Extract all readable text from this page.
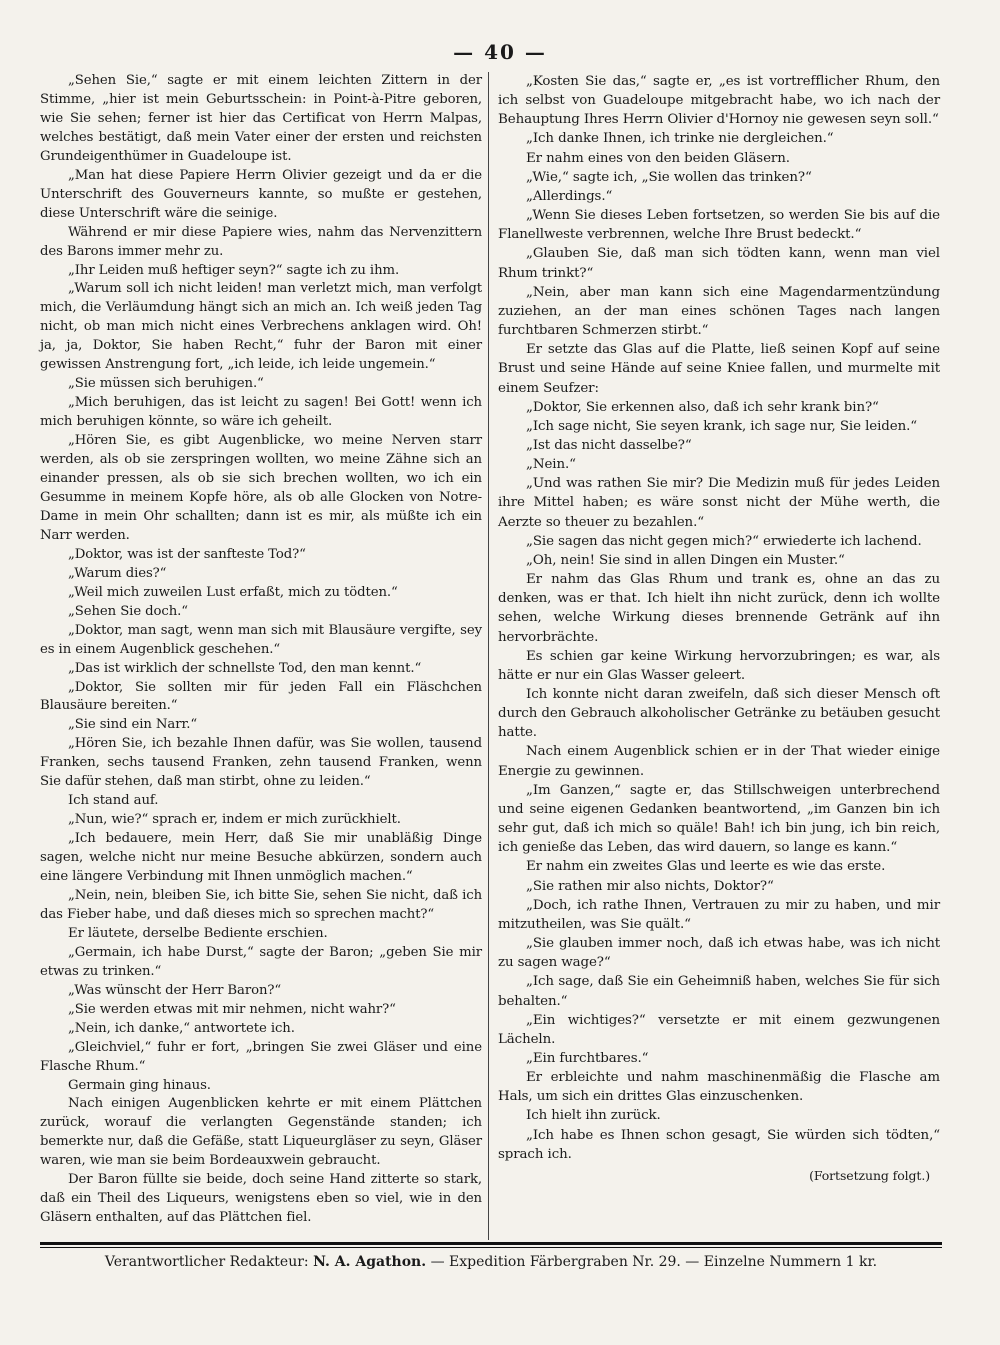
— 40 —

„Sehen Sie,“ sagte er mit einem leichten Zittern in der Stimme, „hier ist mein Geburtsschein: in Point-à-Pitre geboren, wie Sie sehen; ferner ist hier das Certificat von Herrn Malpas, welches bestätigt, daß mein Vater einer der ersten und reichsten Grundeigenthümer in Guadeloupe ist.

„Man hat diese Papiere Herrn Olivier gezeigt und da er die Unterschrift des Gouverneurs kannte, so mußte er gestehen, diese Unterschrift wäre die seinige.

Während er mir diese Papiere wies, nahm das Nervenzittern des Barons immer mehr zu.

„Ihr Leiden muß heftiger seyn?“ sagte ich zu ihm.

„Warum soll ich nicht leiden! man verletzt mich, man verfolgt mich, die Verläumdung hängt sich an mich an. Ich weiß jeden Tag nicht, ob man mich nicht eines Verbrechens anklagen wird. Oh! ja, ja, Doktor, Sie haben Recht,“ fuhr der Baron mit einer gewissen Anstrengung fort, „ich leide, ich leide ungemein.“

„Sie müssen sich beruhigen.“

„Mich beruhigen, das ist leicht zu sagen! Bei Gott! wenn ich mich beruhigen könnte, so wäre ich geheilt.

„Hören Sie, es gibt Augenblicke, wo meine Nerven starr werden, als ob sie zerspringen wollten, wo meine Zähne sich an einander pressen, als ob sie sich brechen wollten, wo ich ein Gesumme in meinem Kopfe höre, als ob alle Glocken von Notre-Dame in mein Ohr schallten; dann ist es mir, als müßte ich ein Narr werden.

„Doktor, was ist der sanfteste Tod?“

„Warum dies?“

„Weil mich zuweilen Lust erfaßt, mich zu tödten.“

„Sehen Sie doch.“

„Doktor, man sagt, wenn man sich mit Blausäure vergifte, sey es in einem Augenblick geschehen.“

„Das ist wirklich der schnellste Tod, den man kennt.“

„Doktor, Sie sollten mir für jeden Fall ein Fläschchen Blausäure bereiten.“

„Sie sind ein Narr.“

„Hören Sie, ich bezahle Ihnen dafür, was Sie wollen, tausend Franken, sechs tausend Franken, zehn tausend Franken, wenn Sie dafür stehen, daß man stirbt, ohne zu leiden.“

Ich stand auf.

„Nun, wie?“ sprach er, indem er mich zurückhielt.

„Ich bedauere, mein Herr, daß Sie mir unabläßig Dinge sagen, welche nicht nur meine Besuche abkürzen, sondern auch eine längere Verbindung mit Ihnen unmöglich machen.“

„Nein, nein, bleiben Sie, ich bitte Sie, sehen Sie nicht, daß ich das Fieber habe, und daß dieses mich so sprechen macht?“

Er läutete, derselbe Bediente erschien.

„Germain, ich habe Durst,“ sagte der Baron; „geben Sie mir etwas zu trinken.“

„Was wünscht der Herr Baron?“

„Sie werden etwas mit mir nehmen, nicht wahr?“

„Nein, ich danke,“ antwortete ich.

„Gleichviel,“ fuhr er fort, „bringen Sie zwei Gläser und eine Flasche Rhum.“

Germain ging hinaus.

Nach einigen Augenblicken kehrte er mit einem Plättchen zurück, worauf die verlangten Gegenstände standen; ich bemerkte nur, daß die Gefäße, statt Liqueurgläser zu seyn, Gläser waren, wie man sie beim Bordeauxwein gebraucht.

Der Baron füllte sie beide, doch seine Hand zitterte so stark, daß ein Theil des Liqueurs, wenigstens eben so viel, wie in den Gläsern enthalten, auf das Plättchen fiel.

„Kosten Sie das,“ sagte er, „es ist vortrefflicher Rhum, den ich selbst von Guadeloupe mitgebracht habe, wo ich nach der Behauptung Ihres Herrn Olivier d'Hornoy nie gewesen seyn soll.“

„Ich danke Ihnen, ich trinke nie dergleichen.“

Er nahm eines von den beiden Gläsern.

„Wie,“ sagte ich, „Sie wollen das trinken?“

„Allerdings.“

„Wenn Sie dieses Leben fortsetzen, so werden Sie bis auf die Flanellweste verbrennen, welche Ihre Brust bedeckt.“

„Glauben Sie, daß man sich tödten kann, wenn man viel Rhum trinkt?“

„Nein, aber man kann sich eine Magendarmentzündung zuziehen, an der man eines schönen Tages nach langen furchtbaren Schmerzen stirbt.“

Er setzte das Glas auf die Platte, ließ seinen Kopf auf seine Brust und seine Hände auf seine Kniee fallen, und murmelte mit einem Seufzer:

„Doktor, Sie erkennen also, daß ich sehr krank bin?“

„Ich sage nicht, Sie seyen krank, ich sage nur, Sie leiden.“

„Ist das nicht dasselbe?“

„Nein.“

„Und was rathen Sie mir? Die Medizin muß für jedes Leiden ihre Mittel haben; es wäre sonst nicht der Mühe werth, die Aerzte so theuer zu bezahlen.“

„Sie sagen das nicht gegen mich?“ erwiederte ich lachend.

„Oh, nein! Sie sind in allen Dingen ein Muster.“

Er nahm das Glas Rhum und trank es, ohne an das zu denken, was er that. Ich hielt ihn nicht zurück, denn ich wollte sehen, welche Wirkung dieses brennende Getränk auf ihn hervorbrächte.

Es schien gar keine Wirkung hervorzubringen; es war, als hätte er nur ein Glas Wasser geleert.

Ich konnte nicht daran zweifeln, daß sich dieser Mensch oft durch den Gebrauch alkoholischer Getränke zu betäuben gesucht hatte.

Nach einem Augenblick schien er in der That wieder einige Energie zu gewinnen.

„Im Ganzen,“ sagte er, das Stillschweigen unterbrechend und seine eigenen Gedanken beantwortend, „im Ganzen bin ich sehr gut, daß ich mich so quäle! Bah! ich bin jung, ich bin reich, ich genieße das Leben, das wird dauern, so lange es kann.“

Er nahm ein zweites Glas und leerte es wie das erste.

„Sie rathen mir also nichts, Doktor?“

„Doch, ich rathe Ihnen, Vertrauen zu mir zu haben, und mir mitzutheilen, was Sie quält.“

„Sie glauben immer noch, daß ich etwas habe, was ich nicht zu sagen wage?“

„Ich sage, daß Sie ein Geheimniß haben, welches Sie für sich behalten.“

„Ein wichtiges?“ versetzte er mit einem gezwungenen Lächeln.

„Ein furchtbares.“

Er erbleichte und nahm maschinenmäßig die Flasche am Hals, um sich ein drittes Glas einzuschenken.

Ich hielt ihn zurück.

„Ich habe es Ihnen schon gesagt, Sie würden sich tödten,“ sprach ich.

(Fortsetzung folgt.)

Verantwortlicher Redakteur: N. A. Agathon. — Expedition Färbergraben Nr. 29. — Einzelne Nummern 1 kr.
